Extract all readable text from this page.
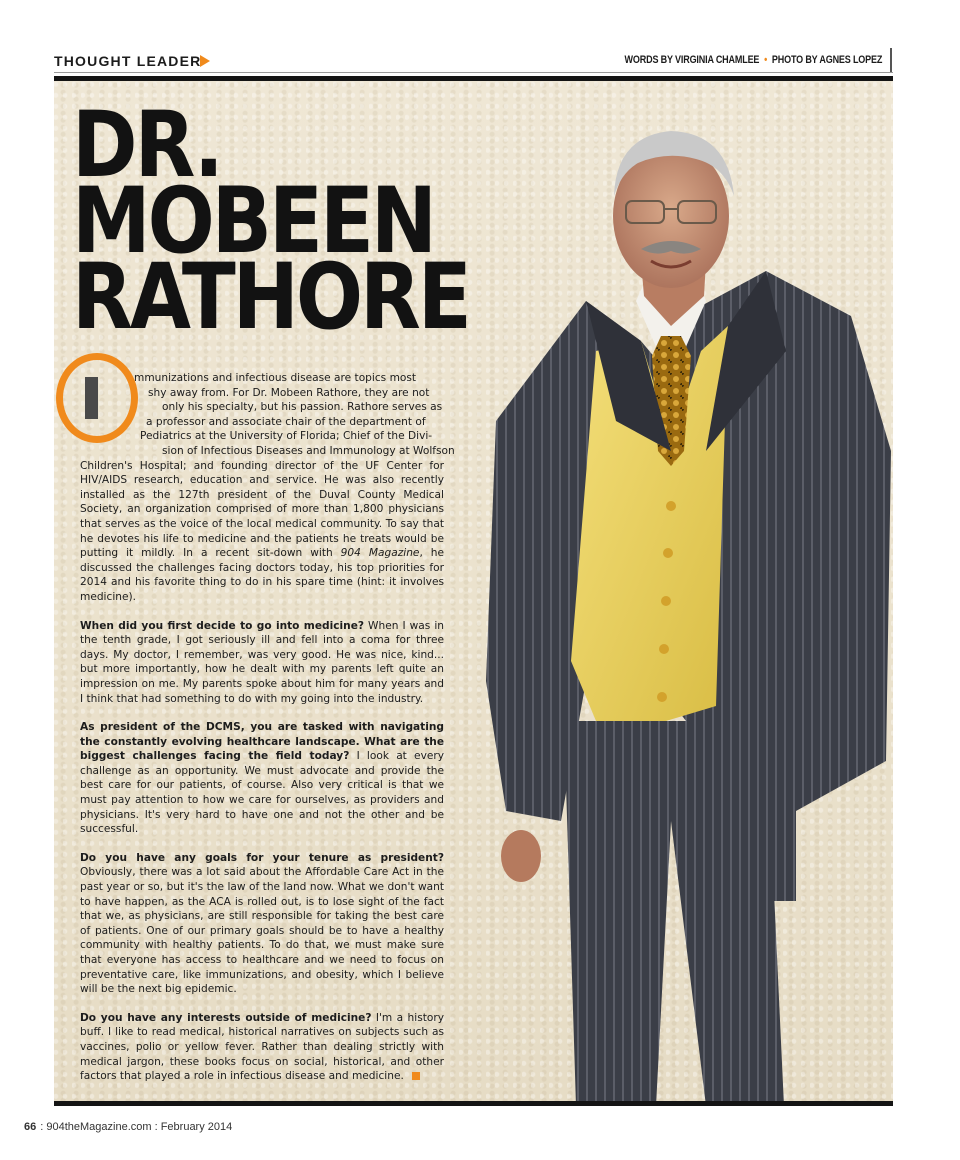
THOUGHT LEADER	WORDS BY VIRGINIA CHAMLEE • PHOTO BY AGNES LOPEZ
DR.
MOBEEN
RATHORE
mmunizations and infectious disease are topics most
shy away from. For Dr. Mobeen Rathore, they are not
only his specialty, but his passion. Rathore serves as
a professor and associate chair of the department of
Pediatrics at the University of Florida; Chief of the Divi-
sion of Infectious Diseases and Immunology at Wolfson

Children's Hospital; and founding director of the UF Center for HIV/AIDS research, education and service. He was also recently installed as the 127th president of the Duval County Medical Society, an organization comprised of more than 1,800 physicians that serves as the voice of the local medical community. To say that he devotes his life to medicine and the patients he treats would be putting it mildly. In a recent sit-down with 904 Magazine, he discussed the challenges facing doctors today, his top priorities for 2014 and his favorite thing to do in his spare time (hint: it involves medicine).

When did you first decide to go into medicine? When I was in the tenth grade, I got seriously ill and fell into a coma for three days. My doctor, I remember, was very good. He was nice, kind... but more importantly, how he dealt with my parents left quite an impression on me. My parents spoke about him for many years and I think that had something to do with my going into the industry.

As president of the DCMS, you are tasked with navigating the constantly evolving healthcare landscape. What are the biggest challenges facing the field today? I look at every challenge as an opportunity. We must advocate and provide the best care for our patients, of course. Also very critical is that we must pay attention to how we care for ourselves, as providers and physicians. It's very hard to have one and not the other and be successful.

Do you have any goals for your tenure as president? Obviously, there was a lot said about the Affordable Care Act in the past year or so, but it's the law of the land now. What we don't want to have happen, as the ACA is rolled out, is to lose sight of the fact that we, as physicians, are still responsible for taking the best care of patients. One of our primary goals should be to have a healthy community with healthy patients. To do that, we must make sure that everyone has access to healthcare and we need to focus on preventative care, like immunizations, and obesity, which I believe will be the next big epidemic.

Do you have any interests outside of medicine? I'm a history buff. I like to read medical, historical narratives on subjects such as vaccines, polio or yellow fever. Rather than dealing strictly with medical jargon, these books focus on social, historical, and other factors that played a role in infectious disease and medicine.

66 : 904theMagazine.com : February 2014
